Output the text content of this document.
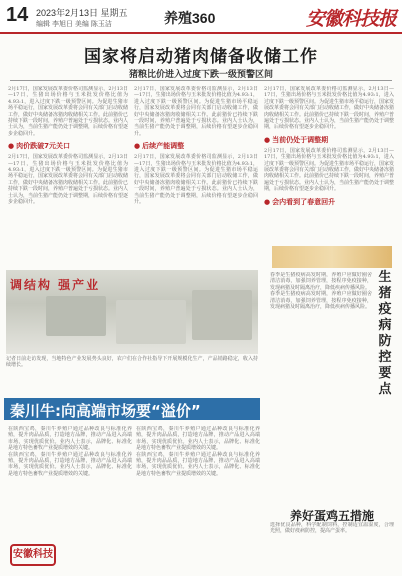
14 2023年2月13日 星期五
编辑 李旭日 美编 陈玉洁	养殖360	安徽科技报
国家将启动猪肉储备收储工作
猪粮比价进入过度下跌一级预警区间
2月17日，国家发展改革委价格司监测显示，2月13日—17日，生猪出场价格与玉米批发价格比值为4.93:1，进入过度下跌一级预警区间。为促进生猪市场平稳运行，国家发展改革委将会同有关部门启动收储工作，做好中央储备冻猪肉收储相关工作。此前猪价已持续下跌一段时间，养殖户普遍处于亏损状态。业内人士认为，当前生猪产能仍处于调整期，后续价格有望逐步企稳回升。
● 肉价跌破7元关口
2月17日，国家发展改革委价格司监测显示，2月13日—17日，生猪出场价格与玉米批发价格比值为4.93:1，进入过度下跌一级预警区间。为促进生猪市场平稳运行，国家发展改革委将会同有关部门启动收储工作，做好中央储备冻猪肉收储相关工作。此前猪价已持续下跌一段时间，养殖户普遍处于亏损状态。业内人士认为，当前生猪产能仍处于调整期，后续价格有望逐步企稳回升。
2月17日，国家发展改革委价格司监测显示，2月13日—17日，生猪出场价格与玉米批发价格比值为4.93:1，进入过度下跌一级预警区间。为促进生猪市场平稳运行，国家发展改革委将会同有关部门启动收储工作，做好中央储备冻猪肉收储相关工作。此前猪价已持续下跌一段时间，养殖户普遍处于亏损状态。业内人士认为，当前生猪产能仍处于调整期，后续价格有望逐步企稳回升。
● 后续产能调整
2月17日，国家发展改革委价格司监测显示，2月13日—17日，生猪出场价格与玉米批发价格比值为4.93:1，进入过度下跌一级预警区间。为促进生猪市场平稳运行，国家发展改革委将会同有关部门启动收储工作，做好中央储备冻猪肉收储相关工作。此前猪价已持续下跌一段时间，养殖户普遍处于亏损状态。业内人士认为，当前生猪产能仍处于调整期，后续价格有望逐步企稳回升。
2月17日，国家发展改革委价格司监测显示，2月13日—17日，生猪出场价格与玉米批发价格比值为4.93:1，进入过度下跌一级预警区间。为促进生猪市场平稳运行，国家发展改革委将会同有关部门启动收储工作，做好中央储备冻猪肉收储相关工作。此前猪价已持续下跌一段时间，养殖户普遍处于亏损状态。业内人士认为，当前生猪产能仍处于调整期，后续价格有望逐步企稳回升。
● 当前仍处于调整期
2月17日，国家发展改革委价格司监测显示，2月13日—17日，生猪出场价格与玉米批发价格比值为4.93:1，进入过度下跌一级预警区间。为促进生猪市场平稳运行，国家发展改革委将会同有关部门启动收储工作，做好中央储备冻猪肉收储相关工作。此前猪价已持续下跌一段时间，养殖户普遍处于亏损状态。业内人士认为，当前生猪产能仍处于调整期，后续价格有望逐步企稳回升。
● 会内看到了春意回升
调结构 强产业
记者日前走访发现，当地特色产业发展势头良好，农户们在合作社指导下开展规模化生产，产品销路稳定，收入持续增长。
秦川牛:向高端市场要“溢价”
在陕西宝鸡，秦川牛养殖户通过品种改良与标准化养殖，提升肉品品质，打造地方品牌，推动产品进入高端市场，实现优质优价。业内人士表示，品牌化、标准化是地方特色畜牧产业提质增效的关键。
在陕西宝鸡，秦川牛养殖户通过品种改良与标准化养殖，提升肉品品质，打造地方品牌，推动产品进入高端市场，实现优质优价。业内人士表示，品牌化、标准化是地方特色畜牧产业提质增效的关键。
在陕西宝鸡，秦川牛养殖户通过品种改良与标准化养殖，提升肉品品质，打造地方品牌，推动产品进入高端市场，实现优质优价。业内人士表示，品牌化、标准化是地方特色畜牧产业提质增效的关键。
在陕西宝鸡，秦川牛养殖户通过品种改良与标准化养殖，提升肉品品质，打造地方品牌，推动产品进入高端市场，实现优质优价。业内人士表示，品牌化、标准化是地方特色畜牧产业提质增效的关键。
安徽科技
生猪疫病防控要点
春季是生猪疫病高发时期，养殖户应做好圈舍清洁消毒，加强饲养管理，按程序免疫接种，发现病猪及时隔离治疗，降低疾病传播风险。
春季是生猪疫病高发时期，养殖户应做好圈舍清洁消毒，加强饲养管理，按程序免疫接种，发现病猪及时隔离治疗，降低疾病传播风险。
养好蛋鸡五措施
选择优良品种，科学配制饲料，控制适宜温湿度，合理光照，做好疫病防控，提高产蛋率。
